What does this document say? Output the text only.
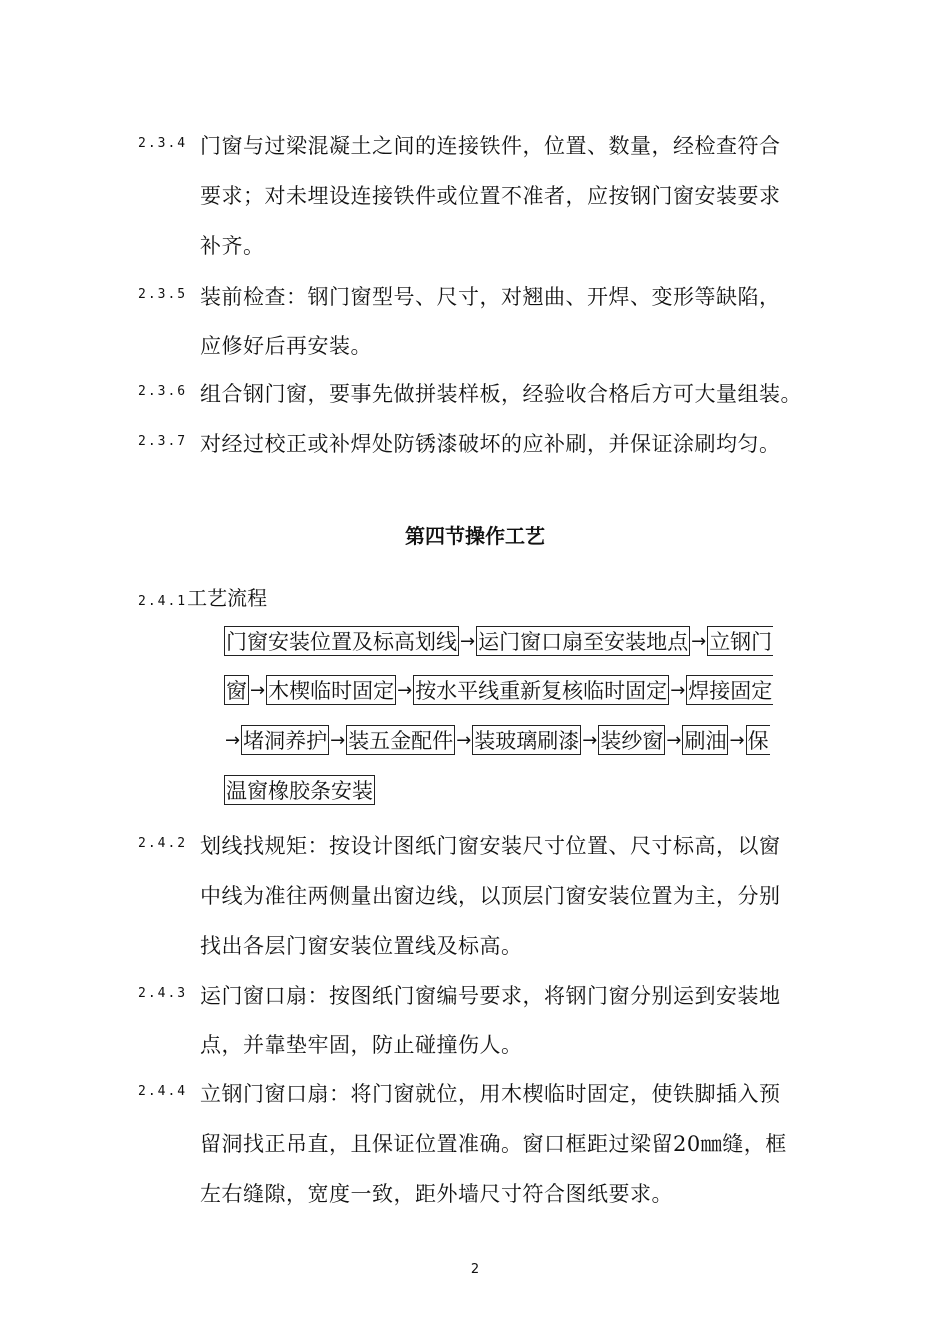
2.3.4 门窗与过梁混凝土之间的连接铁件，位置、数量，经检查符合
要求；对未埋设连接铁件或位置不准者，应按钢门窗安装要求
补齐。
2.3.5 装前检查：钢门窗型号、尺寸，对翘曲、开焊、变形等缺陷，
应修好后再安装。
2.3.6 组合钢门窗，要事先做拼装样板，经验收合格后方可大量组装。
2.3.7 对经过校正或补焊处防锈漆破坏的应补刷，并保证涂刷均匀。
第四节操作工艺
2.4.1工艺流程
门窗安装位置及标高划线 → 运门窗口扇至安装地点 → 立钢门
窗 → 木楔临时固定 → 按水平线重新复核临时固定 → 焊接固定
→ 堵洞养护 → 装五金配件 → 装玻璃刷漆 → 装纱窗 → 刷油 → 保
温窗橡胶条安装
2.4.2 划线找规矩：按设计图纸门窗安装尺寸位置、尺寸标高，以窗
中线为准往两侧量出窗边线，以顶层门窗安装位置为主，分别
找出各层门窗安装位置线及标高。
2.4.3 运门窗口扇：按图纸门窗编号要求，将钢门窗分别运到安装地
点，并靠垫牢固，防止碰撞伤人。
2.4.4 立钢门窗口扇：将门窗就位，用木楔临时固定，使铁脚插入预
留洞找正吊直，且保证位置准确。窗口框距过梁留20㎜缝，框
左右缝隙，宽度一致，距外墙尺寸符合图纸要求。
2
